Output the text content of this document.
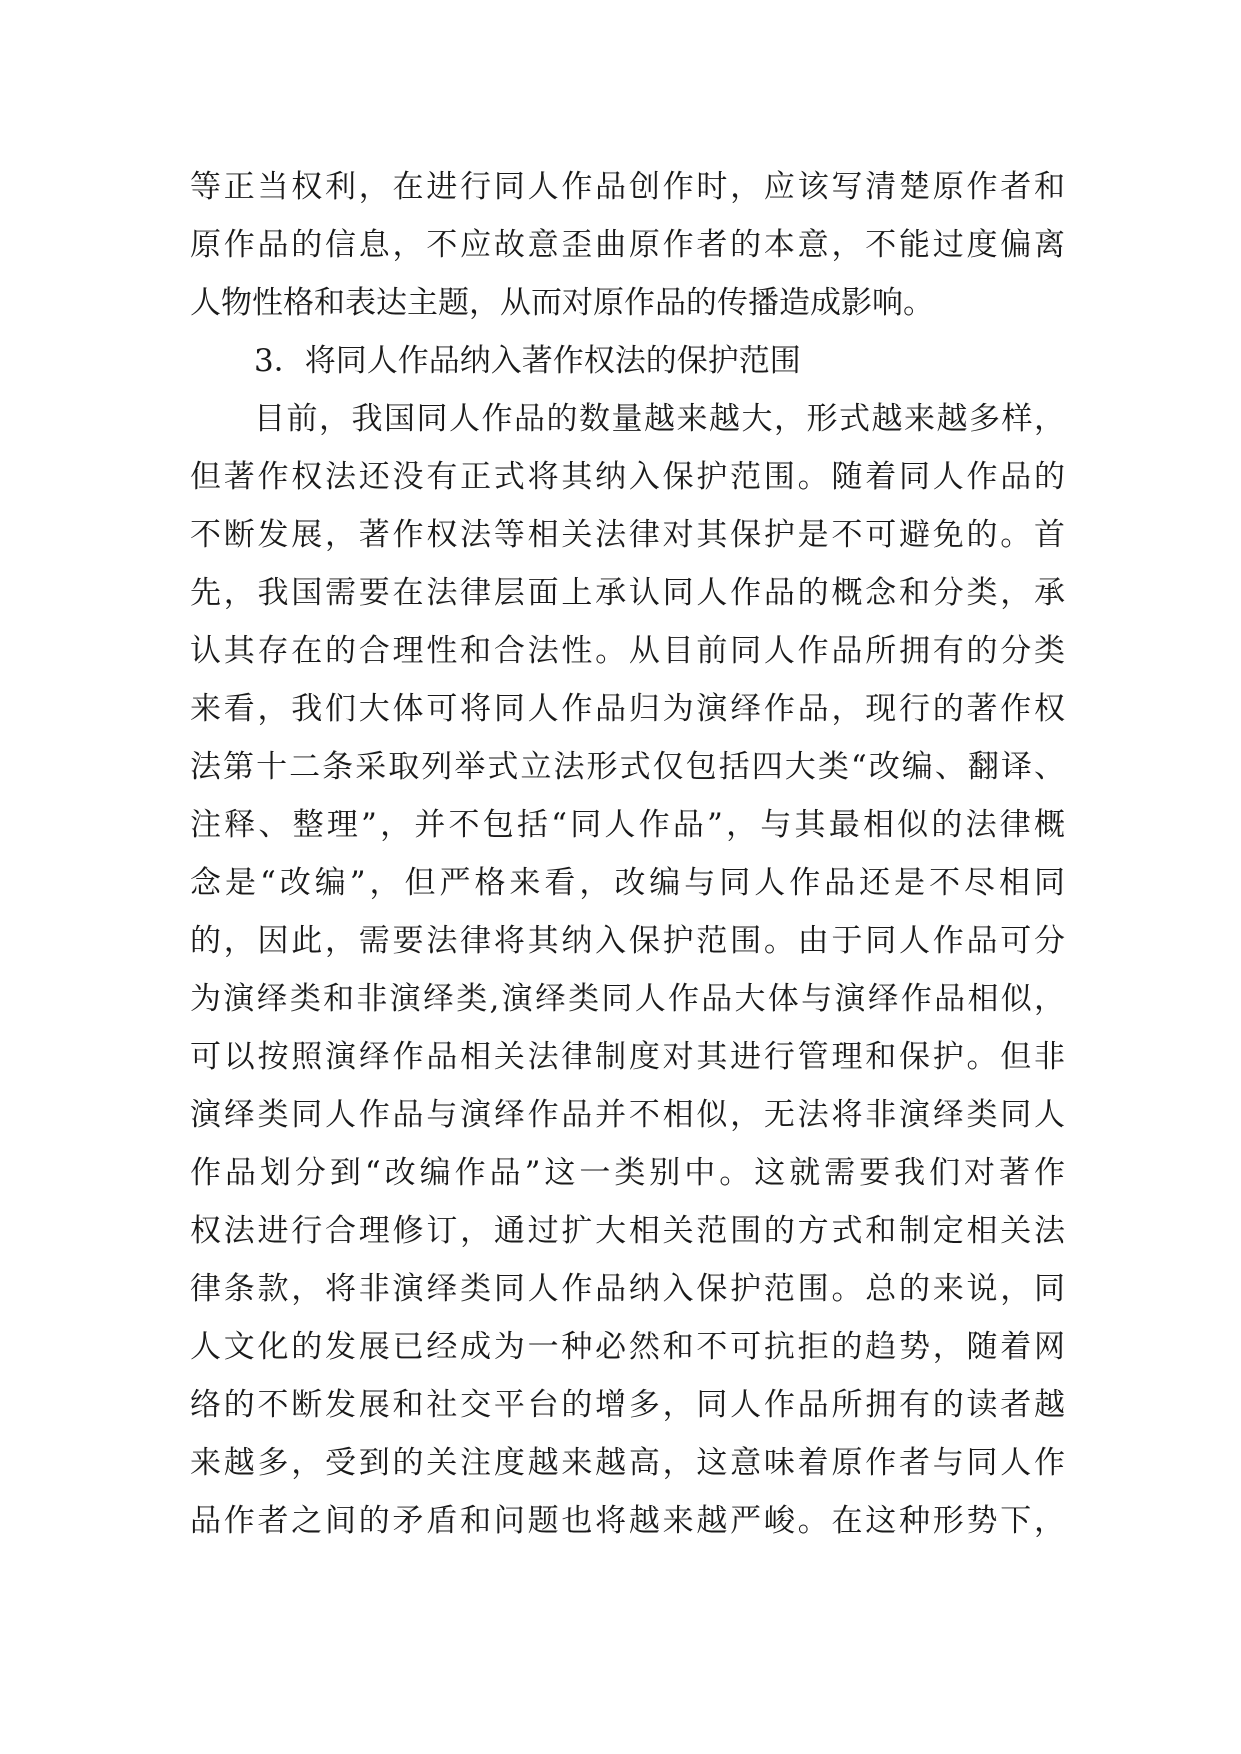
等正当权利，在进行同人作品创作时，应该写清楚原作者和
原作品的信息，不应故意歪曲原作者的本意，不能过度偏离
人物性格和表达主题，从而对原作品的传播造成影响。
3．将同人作品纳入著作权法的保护范围
目前，我国同人作品的数量越来越大，形式越来越多样，
但著作权法还没有正式将其纳入保护范围。随着同人作品的
不断发展，著作权法等相关法律对其保护是不可避免的。首
先，我国需要在法律层面上承认同人作品的概念和分类，承
认其存在的合理性和合法性。从目前同人作品所拥有的分类
来看，我们大体可将同人作品归为演绎作品，现行的著作权
法第十二条采取列举式立法形式仅包括四大类“改编、翻译、
注释、整理”，并不包括“同人作品”，与其最相似的法律概
念是“改编”，但严格来看，改编与同人作品还是不尽相同
的，因此，需要法律将其纳入保护范围。由于同人作品可分
为演绎类和非演绎类,演绎类同人作品大体与演绎作品相似，
可以按照演绎作品相关法律制度对其进行管理和保护。但非
演绎类同人作品与演绎作品并不相似，无法将非演绎类同人
作品划分到“改编作品”这一类别中。这就需要我们对著作
权法进行合理修订，通过扩大相关范围的方式和制定相关法
律条款，将非演绎类同人作品纳入保护范围。总的来说，同
人文化的发展已经成为一种必然和不可抗拒的趋势，随着网
络的不断发展和社交平台的增多，同人作品所拥有的读者越
来越多，受到的关注度越来越高，这意味着原作者与同人作
品作者之间的矛盾和问题也将越来越严峻。在这种形势下，
